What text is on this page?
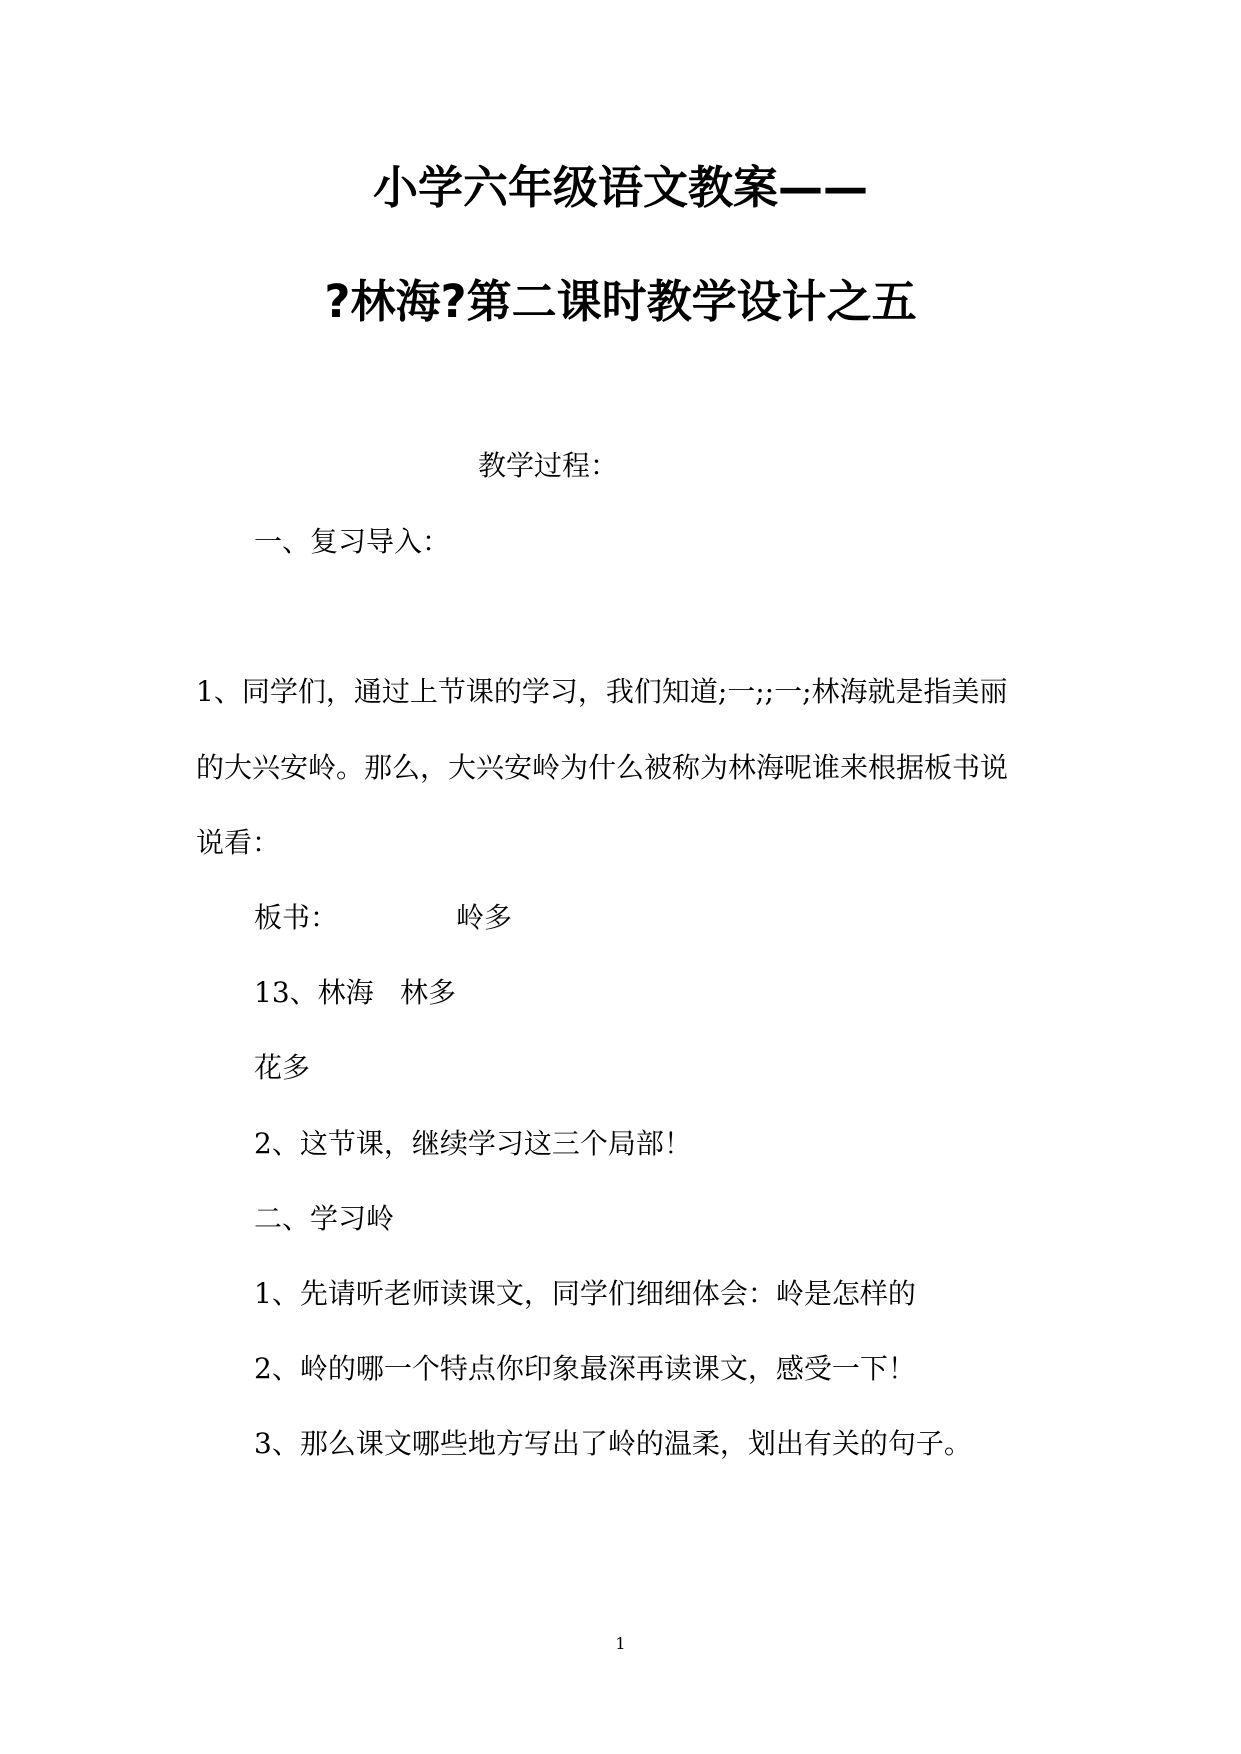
小学六年级语文教案——
?林海?第二课时教学设计之五
教学过程：
一、复习导入：
1、同学们，通过上节课的学习，我们知道;一;;一;林海就是指美丽
的大兴安岭。那么，大兴安岭为什么被称为林海呢谁来根据板书说
说看：
板书：	岭多
13、林海 林多
花多
2、这节课，继续学习这三个局部！
二、学习岭
1、先请听老师读课文，同学们细细体会：岭是怎样的
2、岭的哪一个特点你印象最深再读课文，感受一下！
3、那么课文哪些地方写出了岭的温柔，划出有关的句子。
1
